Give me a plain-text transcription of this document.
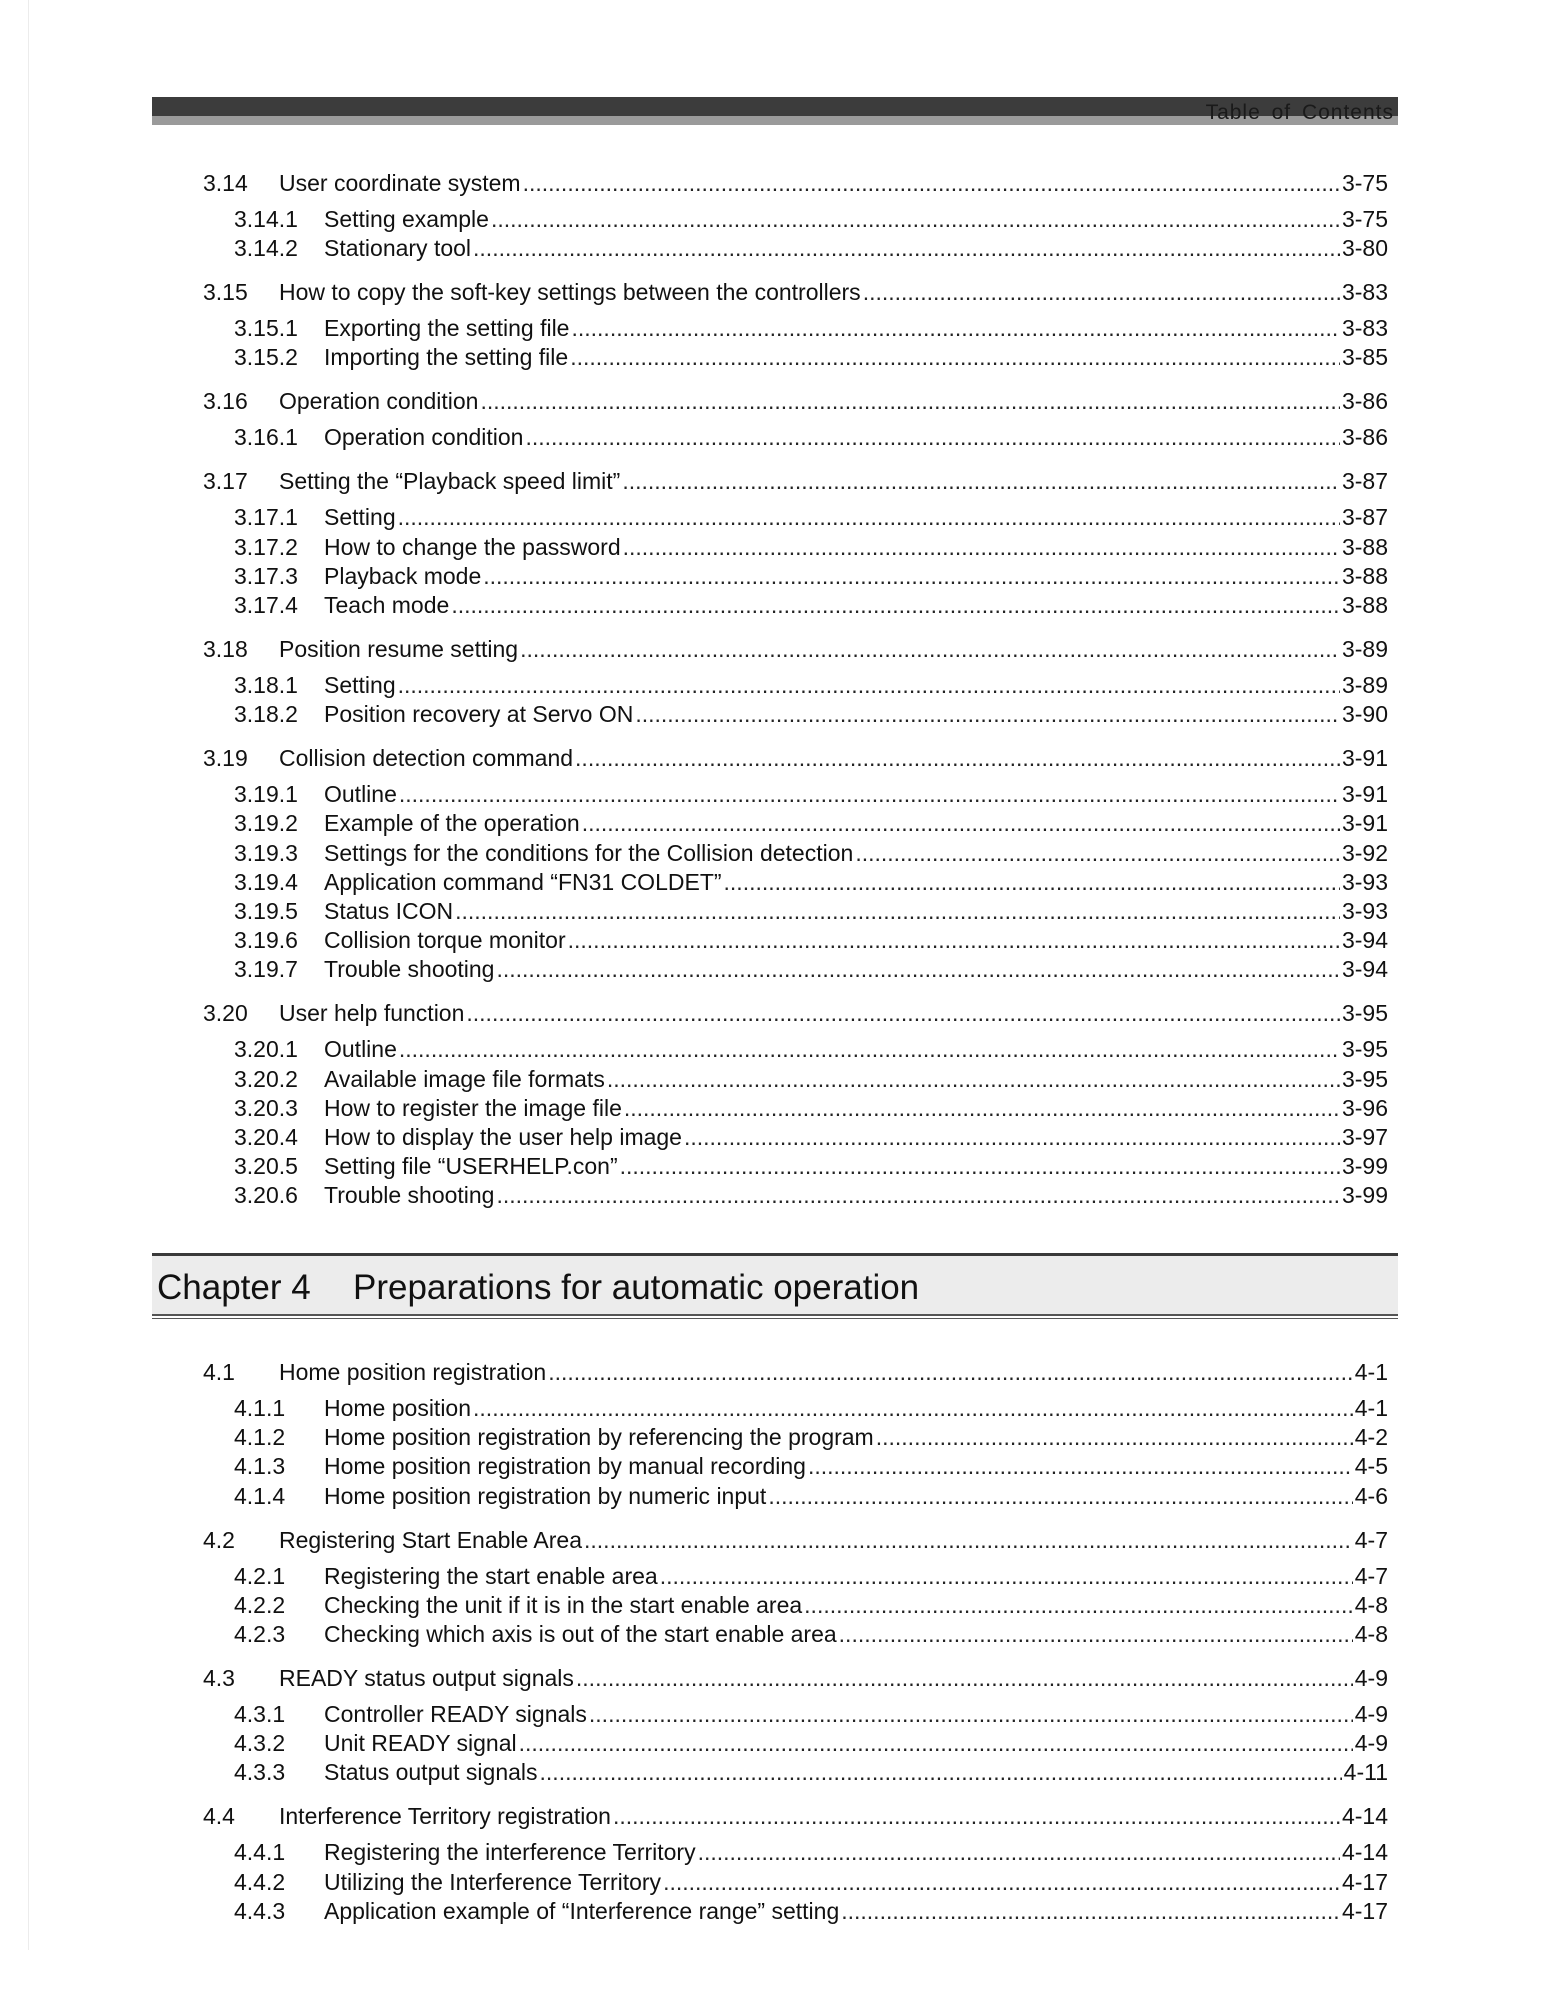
Table of Contents
3.14	User coordinate system .....	3-75
3.14.1	Setting example .....	3-75
3.14.2	Stationary tool .....	3-80
3.15	How to copy the soft-key settings between the controllers .....	3-83
3.15.1	Exporting the setting file .....	3-83
3.15.2	Importing the setting file .....	3-85
3.16	Operation condition .....	3-86
3.16.1	Operation condition .....	3-86
3.17	Setting the “Playback speed limit” .....	3-87
3.17.1	Setting .....	3-87
3.17.2	How to change the password .....	3-88
3.17.3	Playback mode .....	3-88
3.17.4	Teach mode .....	3-88
3.18	Position resume setting .....	3-89
3.18.1	Setting .....	3-89
3.18.2	Position recovery at Servo ON .....	3-90
3.19	Collision detection command .....	3-91
3.19.1	Outline .....	3-91
3.19.2	Example of the operation .....	3-91
3.19.3	Settings for the conditions for the Collision detection .....	3-92
3.19.4	Application command “FN31 COLDET” .....	3-93
3.19.5	Status ICON .....	3-93
3.19.6	Collision torque monitor .....	3-94
3.19.7	Trouble shooting .....	3-94
3.20	User help function .....	3-95
3.20.1	Outline .....	3-95
3.20.2	Available image file formats .....	3-95
3.20.3	How to register the image file .....	3-96
3.20.4	How to display the user help image .....	3-97
3.20.5	Setting file “USERHELP.con” .....	3-99
3.20.6	Trouble shooting .....	3-99
Chapter 4 Preparations for automatic operation
4.1	Home position registration .....	4-1
4.1.1	Home position .....	4-1
4.1.2	Home position registration by referencing the program .....	4-2
4.1.3	Home position registration by manual recording .....	4-5
4.1.4	Home position registration by numeric input .....	4-6
4.2	Registering Start Enable Area .....	4-7
4.2.1	Registering the start enable area .....	4-7
4.2.2	Checking the unit if it is in the start enable area .....	4-8
4.2.3	Checking which axis is out of the start enable area .....	4-8
4.3	READY status output signals .....	4-9
4.3.1	Controller READY signals .....	4-9
4.3.2	Unit READY signal .....	4-9
4.3.3	Status output signals .....	4-11
4.4	Interference Territory registration .....	4-14
4.4.1	Registering the interference Territory .....	4-14
4.4.2	Utilizing the Interference Territory .....	4-17
4.4.3	Application example of “Interference range” setting .....	4-17
